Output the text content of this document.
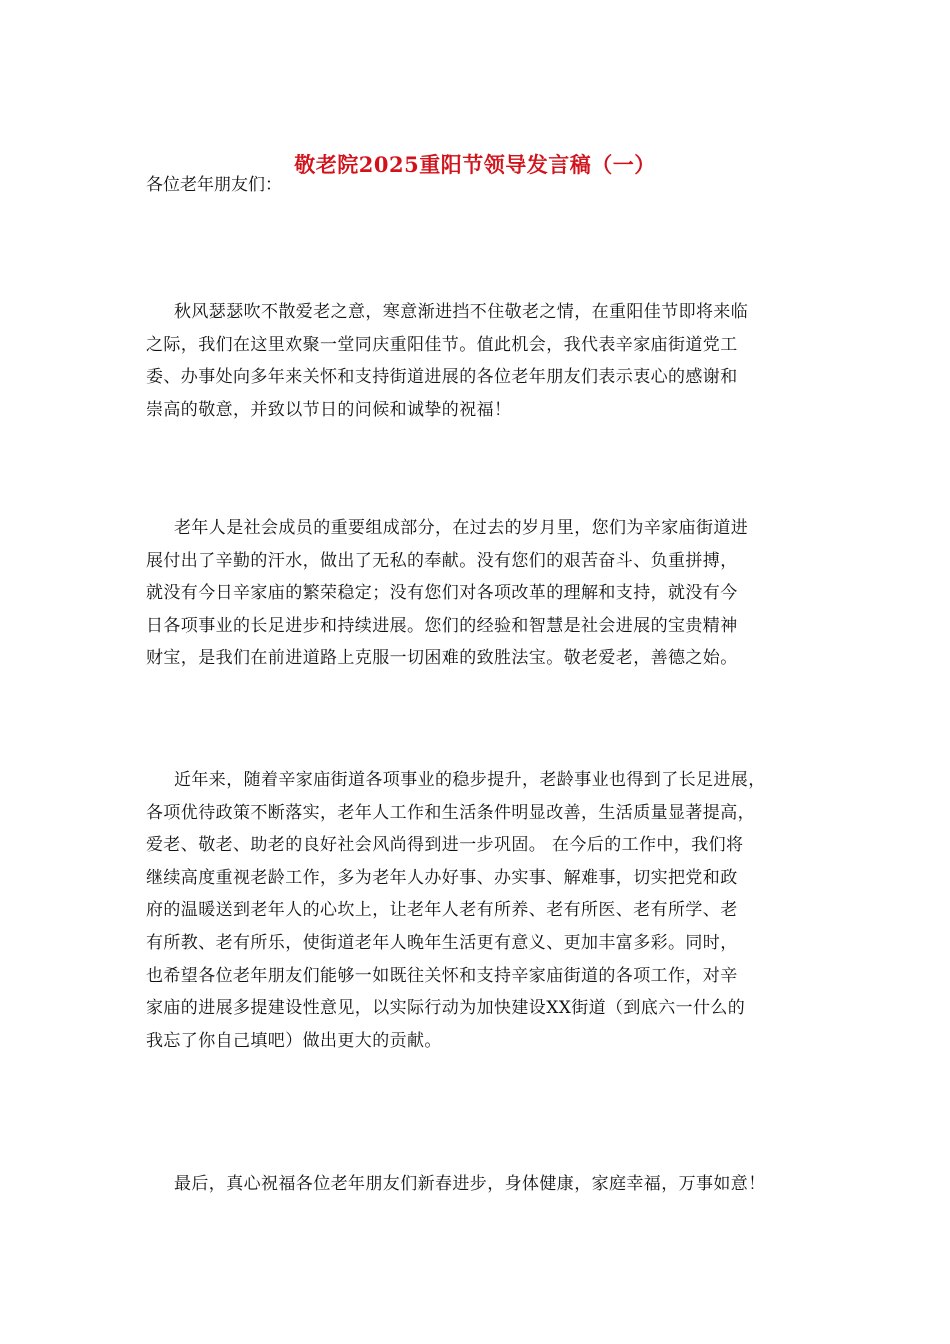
敬老院2025重阳节领导发言稿（一）
各位老年朋友们：

秋风瑟瑟吹不散爱老之意，寒意渐进挡不住敬老之情，在重阳佳节即将来临
之际，我们在这里欢聚一堂同庆重阳佳节。值此机会，我代表辛家庙街道党工
委、办事处向多年来关怀和支持街道进展的各位老年朋友们表示衷心的感谢和
崇高的敬意，并致以节日的问候和诚挚的祝福！

老年人是社会成员的重要组成部分，在过去的岁月里，您们为辛家庙街道进
展付出了辛勤的汗水，做出了无私的奉献。没有您们的艰苦奋斗、负重拼搏，
就没有今日辛家庙的繁荣稳定；没有您们对各项改革的理解和支持，就没有今
日各项事业的长足进步和持续进展。您们的经验和智慧是社会进展的宝贵精神
财宝，是我们在前进道路上克服一切困难的致胜法宝。敬老爱老，善德之始。

近年来，随着辛家庙街道各项事业的稳步提升，老龄事业也得到了长足进展，
各项优待政策不断落实，老年人工作和生活条件明显改善，生活质量显著提高，
爱老、敬老、助老的良好社会风尚得到进一步巩固。 在今后的工作中，我们将
继续高度重视老龄工作，多为老年人办好事、办实事、解难事，切实把党和政
府的温暖送到老年人的心坎上，让老年人老有所养、老有所医、老有所学、老
有所教、老有所乐，使街道老年人晚年生活更有意义、更加丰富多彩。同时，
也希望各位老年朋友们能够一如既往关怀和支持辛家庙街道的各项工作，对辛
家庙的进展多提建设性意见，以实际行动为加快建设XX街道（到底六一什么的
我忘了你自己填吧）做出更大的贡献。

最后，真心祝福各位老年朋友们新春进步，身体健康，家庭幸福，万事如意！
